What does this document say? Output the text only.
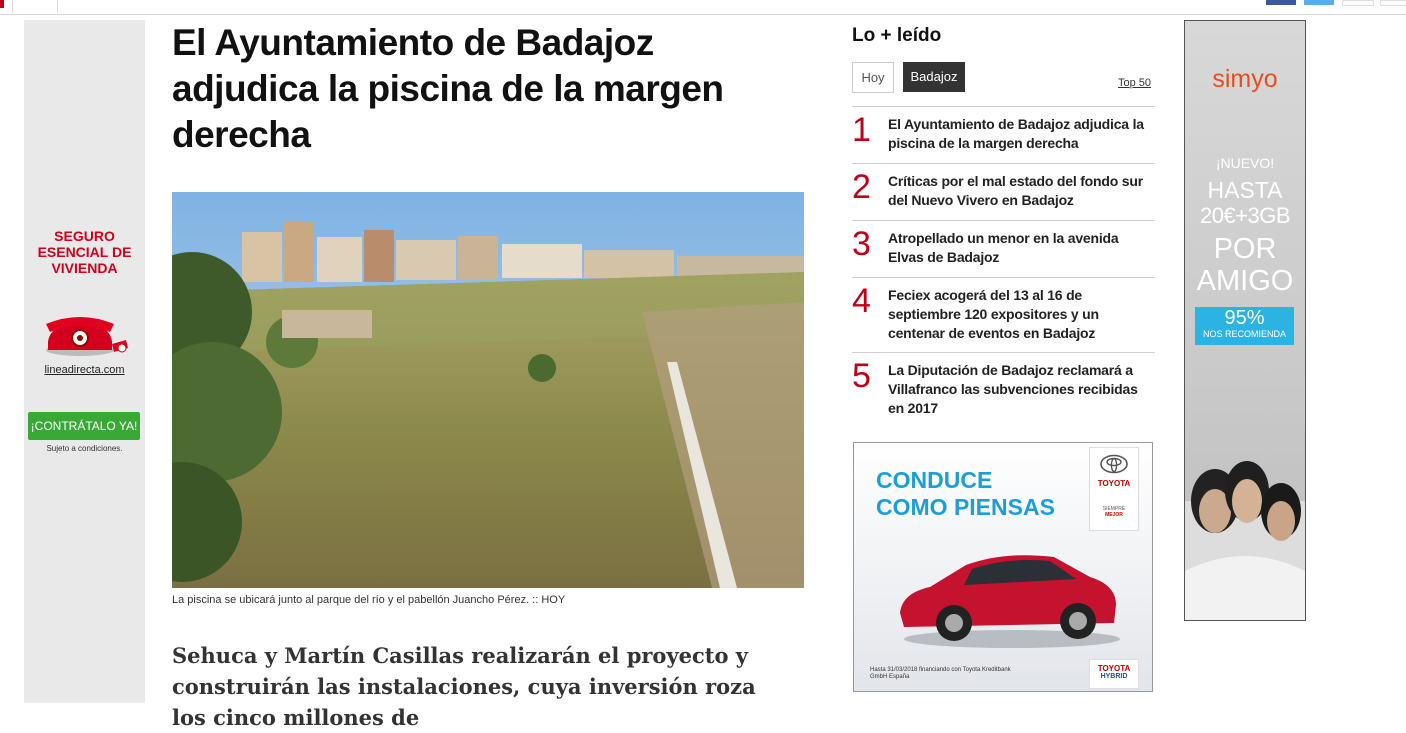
SEGURO
ESENCIAL DE
VIVIENDA
lineadirecta.com
¡CONTRÁTALO YA!
Sujeto a condiciones.
El Ayuntamiento de Badajoz adjudica la piscina de la margen derecha
La piscina se ubicará junto al parque del río y el pabellón Juancho Pérez. :: HOY
Sehuca y Martín Casillas realizarán el proyecto y construirán las instalaciones, cuya inversión roza los cinco millones de
Lo + leído
Hoy	Badajoz	Top 50
1	El Ayuntamiento de Badajoz adjudica la piscina de la margen derecha
2	Críticas por el mal estado del fondo sur del Nuevo Vivero en Badajoz
3	Atropellado un menor en la avenida Elvas de Badajoz
4	Feciex acogerá del 13 al 16 de septiembre 120 expositores y un centenar de eventos en Badajoz
5	La Diputación de Badajoz reclamará a Villafranco las subvenciones recibidas en 2017
CONDUCE
COMO PIENSAS
TOYOTA
SIEMPRE
MEJOR
Hasta 31/03/2018 financiando con Toyota Kreditbank GmbH España
TOYOTA
HYBRID
simyo
¡NUEVO!
HASTA
20€+3GB
POR
AMIGO
95%
NOS RECOMIENDA
